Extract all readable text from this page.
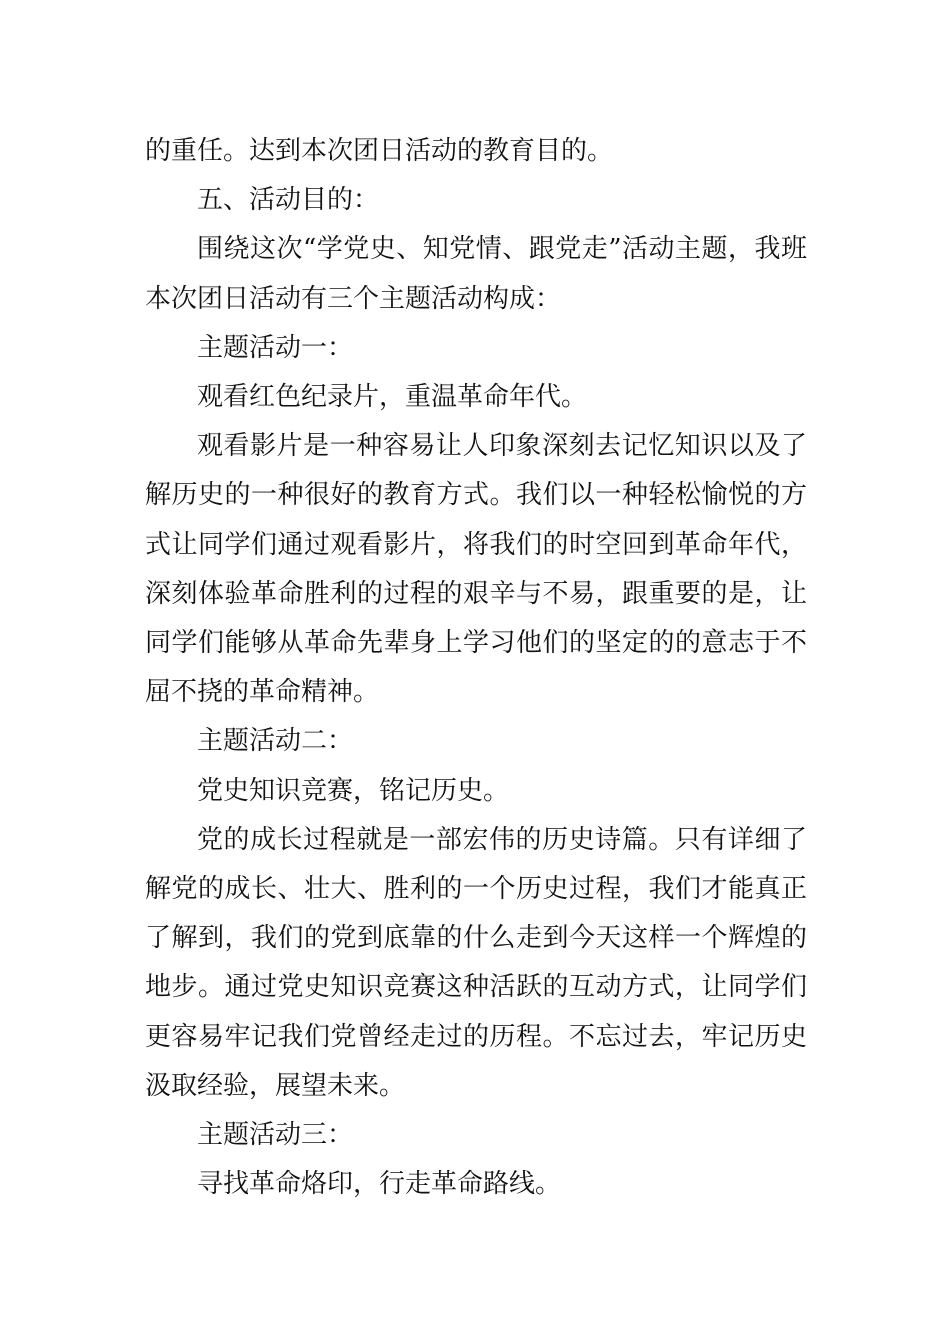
的重任。达到本次团日活动的教育目的。

五、活动目的：

围绕这次“学党史、知党情、跟党走”活动主题，我班本次团日活动有三个主题活动构成：

主题活动一：

观看红色纪录片，重温革命年代。

观看影片是一种容易让人印象深刻去记忆知识以及了解历史的一种很好的教育方式。我们以一种轻松愉悦的方式让同学们通过观看影片，将我们的时空回到革命年代，深刻体验革命胜利的过程的艰辛与不易，跟重要的是，让同学们能够从革命先辈身上学习他们的坚定的的意志于不屈不挠的革命精神。

主题活动二：

党史知识竞赛，铭记历史。

党的成长过程就是一部宏伟的历史诗篇。只有详细了解党的成长、壮大、胜利的一个历史过程，我们才能真正了解到，我们的党到底靠的什么走到今天这样一个辉煌的地步。通过党史知识竞赛这种活跃的互动方式，让同学们更容易牢记我们党曾经走过的历程。不忘过去，牢记历史汲取经验，展望未来。

主题活动三：

寻找革命烙印，行走革命路线。
